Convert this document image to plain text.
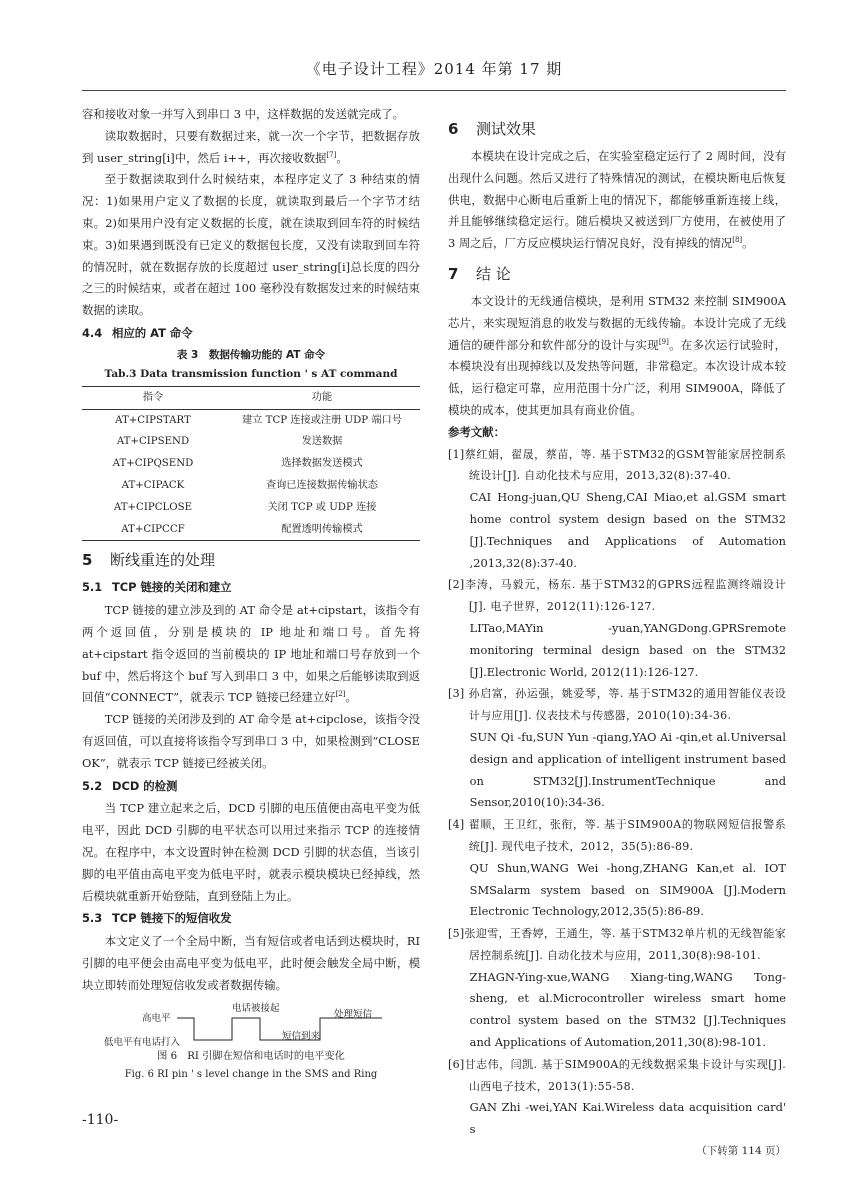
《电子设计工程》2014 年第 17 期

容和接收对象一并写入到串口 3 中，这样数据的发送就完成了。

读取数据时，只要有数据过来，就一次一个字节，把数据存放到 user_string[i]中，然后 i++，再次接收数据[7]。

至于数据读取到什么时候结束，本程序定义了 3 种结束的情况：1)如果用户定义了数据的长度，就读取到最后一个字节才结束。2)如果用户没有定义数据的长度，就在读取到回车符的时候结束。3)如果遇到既没有已定义的数据包长度，又没有读取到回车符的情况时，就在数据存放的长度超过 user_string[i]总长度的四分之三的时候结束，或者在超过 100 毫秒没有数据发过来的时候结束数据的读取。

4.4 相应的 AT 命令
表 3　数据传输功能的 AT 命令
Tab.3 Data transmission function ' s AT command
指令	功能
AT+CIPSTART	建立 TCP 连接或注册 UDP 端口号
AT+CIPSEND	发送数据
AT+CIPQSEND	选择数据发送模式
AT+CIPACK	查询已连接数据传输状态
AT+CIPCLOSE	关闭 TCP 或 UDP 连接
AT+CIPCCF	配置透明传输模式
5 断线重连的处理
5.1 TCP 链接的关闭和建立

TCP 链接的建立涉及到的 AT 命令是 at+cipstart，该指令有两个返回值，分别是模块的 IP 地址和端口号。首先将 at+cipstart 指令返回的当前模块的 IP 地址和端口号存放到一个 buf 中，然后将这个 buf 写入到串口 3 中，如果之后能够读取到返回值“CONNECT”，就表示 TCP 链接已经建立好[2]。

TCP 链接的关闭涉及到的 AT 命令是 at+cipclose，该指令没有返回值，可以直接将该指令写到串口 3 中，如果检测到“CLOSE OK”，就表示 TCP 链接已经被关闭。

5.2 DCD 的检测

当 TCP 建立起来之后，DCD 引脚的电压值便由高电平变为低电平，因此 DCD 引脚的电平状态可以用过来指示 TCP 的连接情况。在程序中，本文设置时钟在检测 DCD 引脚的状态值，当该引脚的电平值由高电平变为低电平时，就表示模块模块已经掉线，然后模块就重新开始登陆，直到登陆上为止。

5.3 TCP 链接下的短信收发

本文定义了一个全局中断，当有短信或者电话到达模块时，RI 引脚的电平便会由高电平变为低电平，此时便会触发全局中断，模块立即转而处理短信收发或者数据传输。

高电平
低电平有电话打入
电话被接起
短信到来
处理短信
图 6　RI 引脚在短信和电话时的电平变化
Fig. 6 RI pin ' s level change in the SMS and Ring
6 测试效果

本模块在设计完成之后，在实验室稳定运行了 2 周时间，没有出现什么问题。然后又进行了特殊情况的测试，在模块断电后恢复供电，数据中心断电后重新上电的情况下，都能够重新连接上线，并且能够继续稳定运行。随后模块又被送到厂方使用，在被使用了 3 周之后，厂方反应模块运行情况良好，没有掉线的情况[8]。

7 结 论

本文设计的无线通信模块，是利用 STM32 来控制 SIM900A 芯片，来实现短消息的收发与数据的无线传输。本设计完成了无线通信的硬件部分和软件部分的设计与实现[9]。在多次运行试验时，本模块没有出现掉线以及发热等问题，非常稳定。本次设计成本较低，运行稳定可靠，应用范围十分广泛，利用 SIM900A，降低了模块的成本，使其更加具有商业价值。

参考文献：

[1]蔡红娟，翟晟，蔡苗，等. 基于STM32的GSM智能家居控制系统设计[J]. 自动化技术与应用，2013,32(8):37-40.

CAI Hong-juan,QU Sheng,CAI Miao,et al.GSM smart home control system design based on the STM32 [J].Techniques and Applications of Automation ,2013,32(8):37-40.

[2]李涛，马毅元，杨东. 基于STM32的GPRS远程监测终端设计[J]. 电子世界，2012(11):126-127.

LITao,MAYin -yuan,YANGDong.GPRSremote monitoring terminal design based on the STM32 [J].Electronic World, 2012(11):126-127.

[3] 孙启富，孙运强，姚爱琴，等. 基于STM32的通用智能仪表设计与应用[J]. 仪表技术与传感器，2010(10):34-36.

SUN Qi -fu,SUN Yun -qiang,YAO Ai -qin,et al.Universal design and application of intelligent instrument based on STM32[J].InstrumentTechnique and Sensor,2010(10):34-36.

[4] 翟顺，王卫红，张衔，等. 基于SIM900A的物联网短信报警系统[J]. 现代电子技术，2012，35(5):86-89.

QU Shun,WANG Wei -hong,ZHANG Kan,et al. IOT SMSalarm system based on SIM900A [J].Modern Electronic Technology,2012,35(5):86-89.

[5]张迎雪，王香婷，王通生，等. 基于STM32单片机的无线智能家居控制系统[J]. 自动化技术与应用，2011,30(8):98-101.

ZHAGN-Ying-xue,WANG Xiang-ting,WANG Tong-sheng, et al.Microcontroller wireless smart home control system based on the STM32 [J].Techniques and Applications of Automation,2011,30(8):98-101.

[6]甘志伟，闫凯. 基于SIM900A的无线数据采集卡设计与实现[J]. 山西电子技术，2013(1):55-58.

GAN Zhi -wei,YAN Kai.Wireless data acquisition card' s

（下转第 114 页）
-110-
